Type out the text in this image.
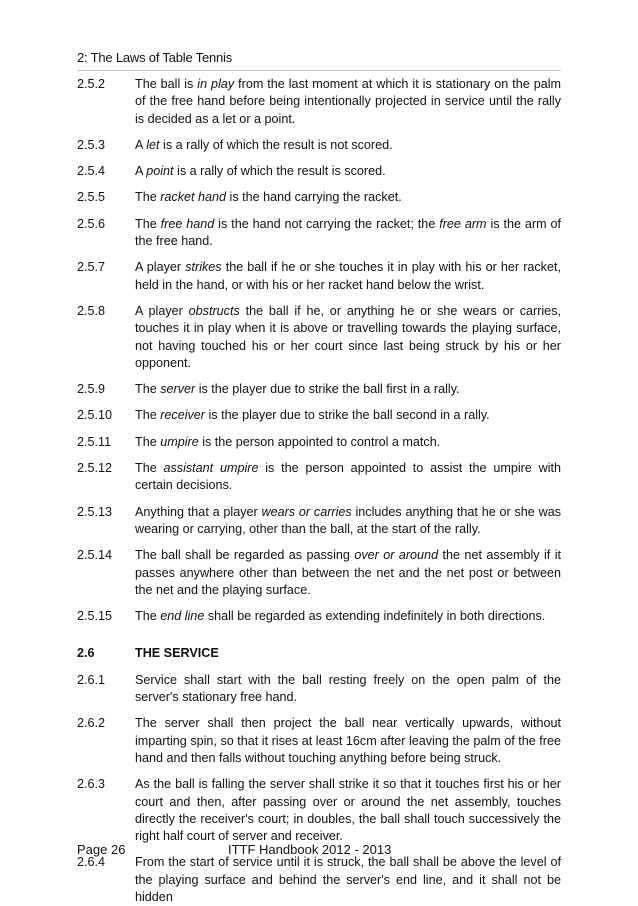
2: The Laws of Table Tennis
2.5.2	The ball is in play from the last moment at which it is stationary on the palm of the free hand before being intentionally projected in service until the rally is decided as a let or a point.
2.5.3	A let is a rally of which the result is not scored.
2.5.4	A point is a rally of which the result is scored.
2.5.5	The racket hand is the hand carrying the racket.
2.5.6	The free hand is the hand not carrying the racket; the free arm is the arm of the free hand.
2.5.7	A player strikes the ball if he or she touches it in play with his or her racket, held in the hand, or with his or her racket hand below the wrist.
2.5.8	A player obstructs the ball if he, or anything he or she wears or carries, touches it in play when it is above or travelling towards the playing surface, not having touched his or her court since last being struck by his or her opponent.
2.5.9	The server is the player due to strike the ball first in a rally.
2.5.10	The receiver is the player due to strike the ball second in a rally.
2.5.11	The umpire is the person appointed to control a match.
2.5.12	The assistant umpire is the person appointed to assist the umpire with certain decisions.
2.5.13	Anything that a player wears or carries includes anything that he or she was wearing or carrying, other than the ball, at the start of the rally.
2.5.14	The ball shall be regarded as passing over or around the net assembly if it passes anywhere other than between the net and the net post or between the net and the playing surface.
2.5.15	The end line shall be regarded as extending indefinitely in both directions.
2.6	THE SERVICE
2.6.1	Service shall start with the ball resting freely on the open palm of the server's stationary free hand.
2.6.2	The server shall then project the ball near vertically upwards, without imparting spin, so that it rises at least 16cm after leaving the palm of the free hand and then falls without touching anything before being struck.
2.6.3	As the ball is falling the server shall strike it so that it touches first his or her court and then, after passing over or around the net assembly, touches directly the receiver's court; in doubles, the ball shall touch successively the right half court of server and receiver.
2.6.4	From the start of service until it is struck, the ball shall be above the level of the playing surface and behind the server's end line, and it shall not be hidden
Page 26	ITTF Handbook 2012 - 2013
